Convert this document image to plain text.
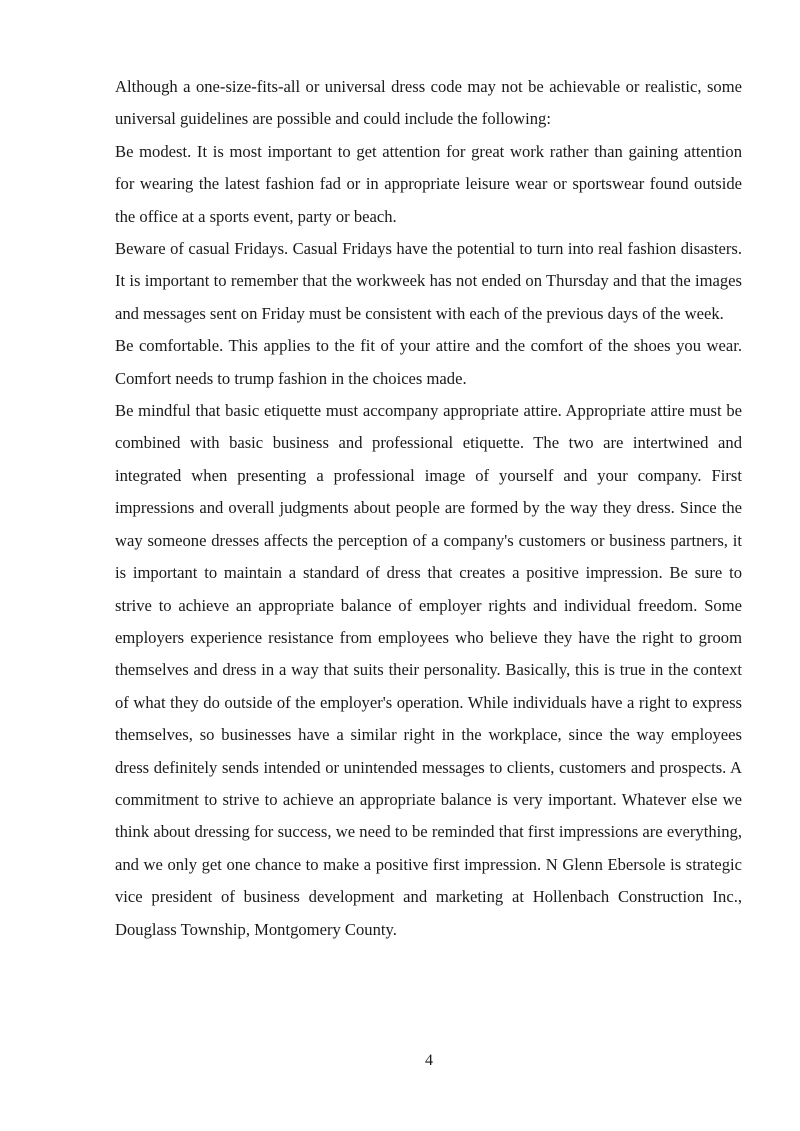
Although a one-size-fits-all or universal dress code may not be achievable or realistic, some universal guidelines are possible and could include the following:

Be modest. It is most important to get attention for great work rather than gaining attention for wearing the latest fashion fad or in appropriate leisure wear or sportswear found outside the office at a sports event, party or beach.

Beware of casual Fridays. Casual Fridays have the potential to turn into real fashion disasters. It is important to remember that the workweek has not ended on Thursday and that the images and messages sent on Friday must be consistent with each of the previous days of the week.

Be comfortable. This applies to the fit of your attire and the comfort of the shoes you wear. Comfort needs to trump fashion in the choices made.

Be mindful that basic etiquette must accompany appropriate attire. Appropriate attire must be combined with basic business and professional etiquette. The two are intertwined and integrated when presenting a professional image of yourself and your company. First impressions and overall judgments about people are formed by the way they dress. Since the way someone dresses affects the perception of a company's customers or business partners, it is important to maintain a standard of dress that creates a positive impression. Be sure to strive to achieve an appropriate balance of employer rights and individual freedom. Some employers experience resistance from employees who believe they have the right to groom themselves and dress in a way that suits their personality. Basically, this is true in the context of what they do outside of the employer's operation. While individuals have a right to express themselves, so businesses have a similar right in the workplace, since the way employees dress definitely sends intended or unintended messages to clients, customers and prospects. A commitment to strive to achieve an appropriate balance is very important. Whatever else we think about dressing for success, we need to be reminded that first impressions are everything, and we only get one chance to make a positive first impression. N Glenn Ebersole is strategic vice president of business development and marketing at Hollenbach Construction Inc., Douglass Township, Montgomery County.

4
